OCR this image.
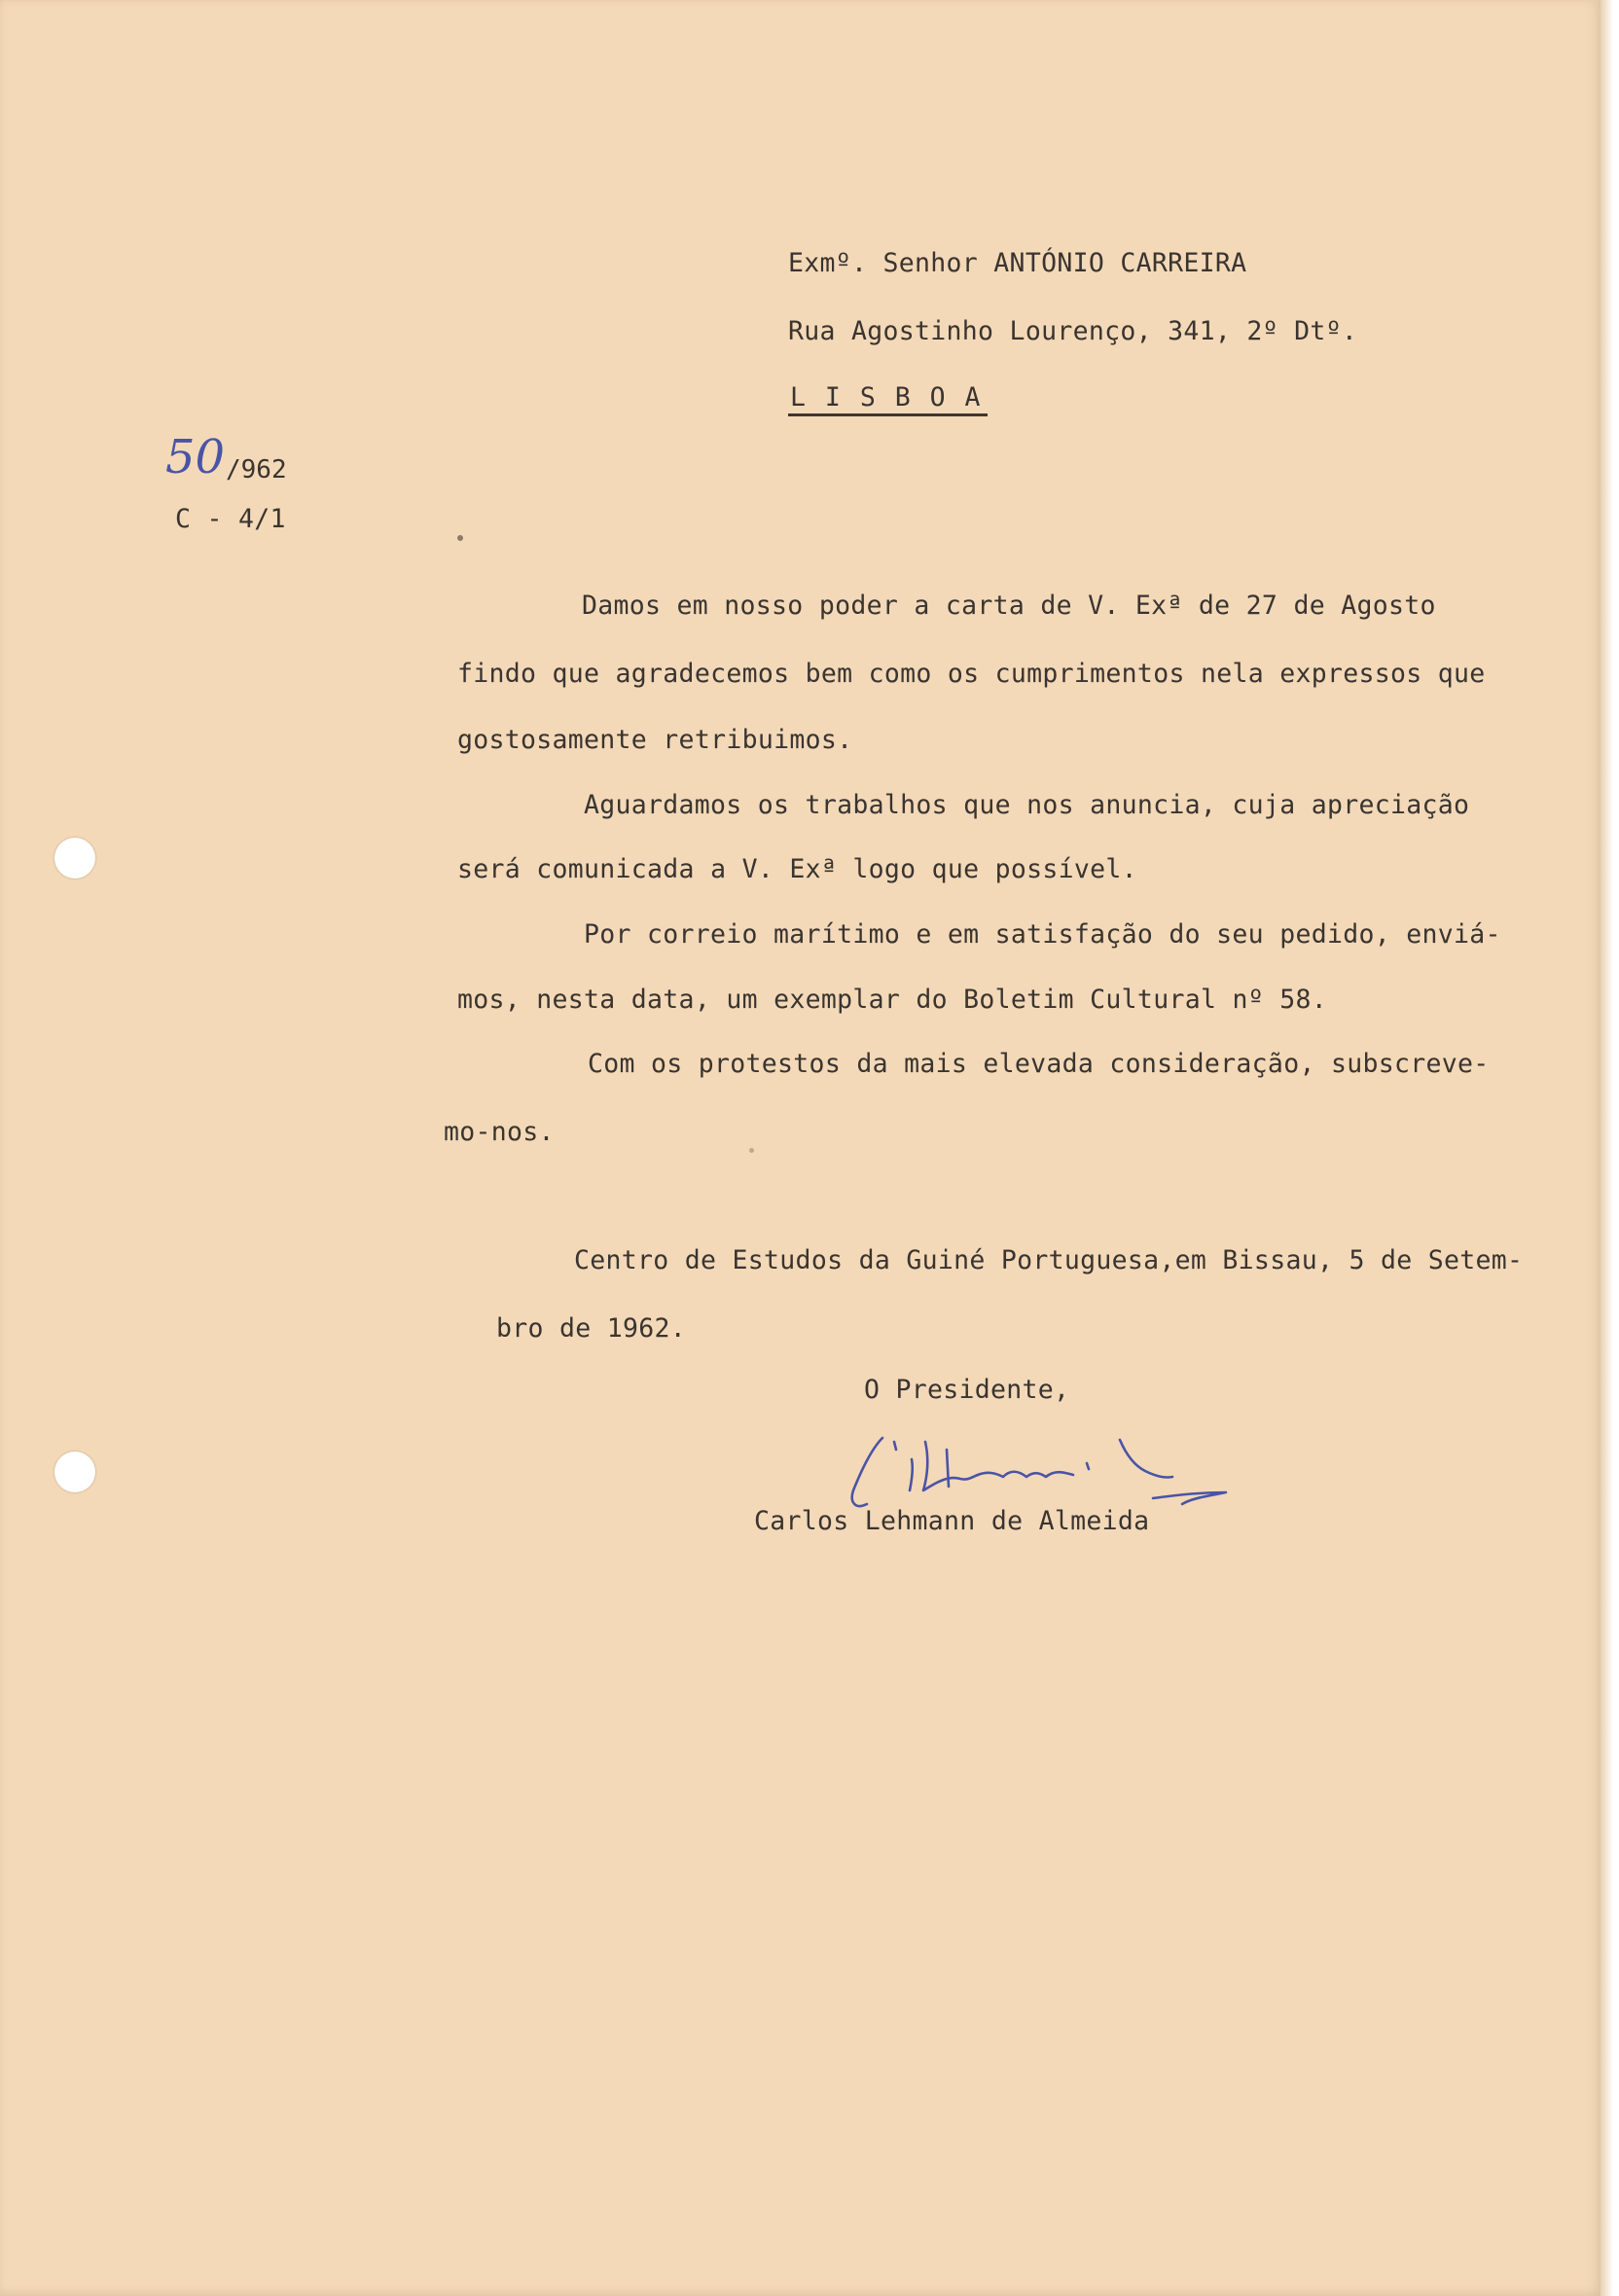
Exmº. Senhor ANTÓNIO CARREIRA
Rua Agostinho Lourenço, 341, 2º Dtº.
L I S B O A
50 /962
C - 4/1
Damos em nosso poder a carta de V. Exª de 27 de Agosto
findo que agradecemos bem como os cumprimentos nela expressos que
gostosamente retribuimos.
Aguardamos os trabalhos que nos anuncia, cuja apreciação
será comunicada a V. Exª logo que possível.
Por correio marítimo e em satisfação do seu pedido, enviá-
mos, nesta data, um exemplar do Boletim Cultural nº 58.
Com os protestos da mais elevada consideração, subscreve-
mo-nos.
Centro de Estudos da Guiné Portuguesa,em Bissau, 5 de Setem-
bro de 1962.
O Presidente,
Carlos Lehmann de Almeida
